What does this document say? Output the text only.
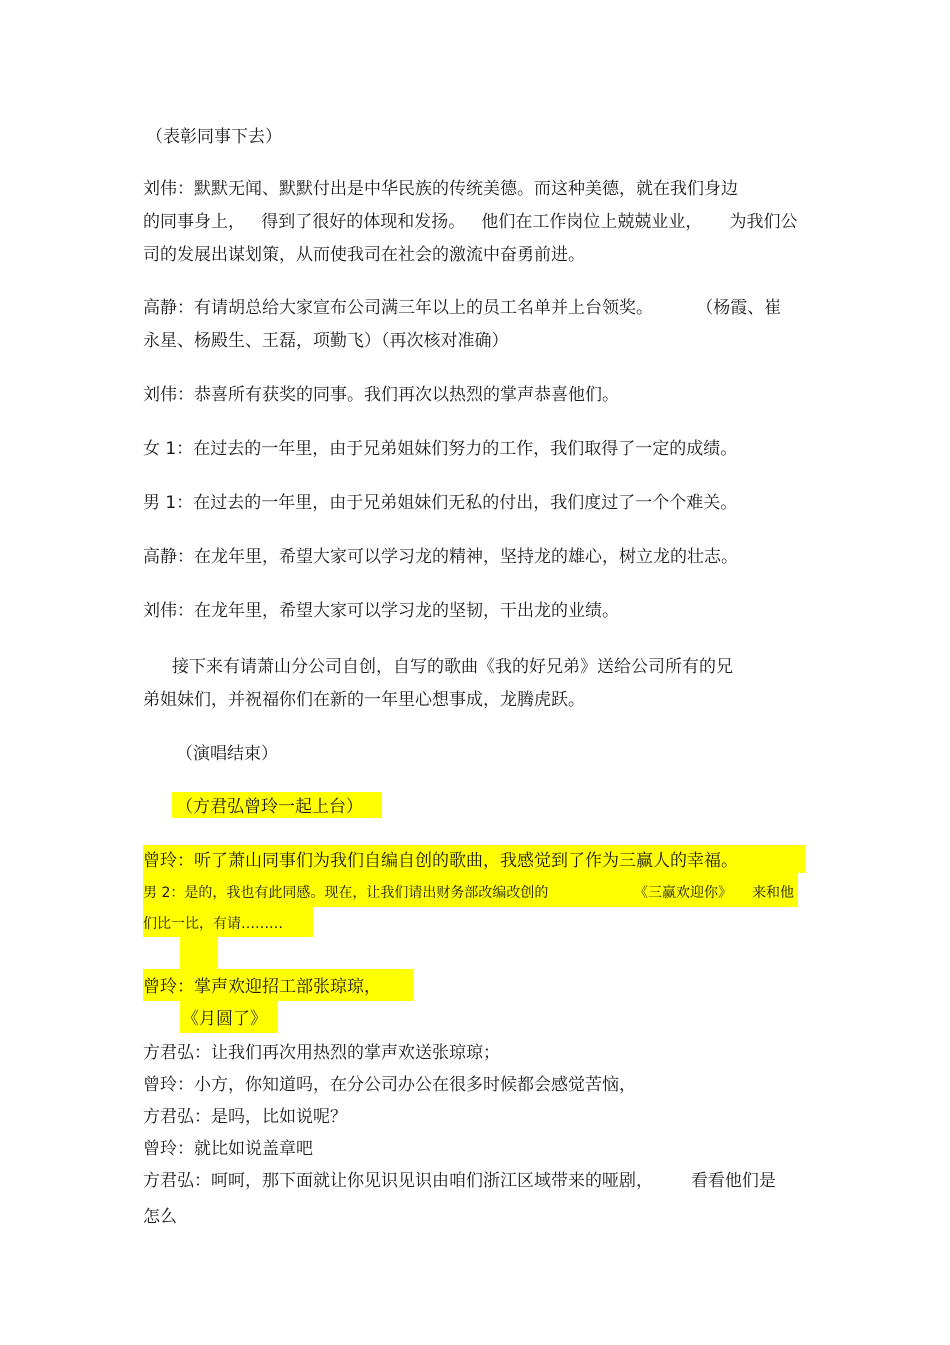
（表彰同事下去）
刘伟：默默无闻、默默付出是中华民族的传统美德。而这种美德，就在我们身边
的同事身上，   得到了很好的体现和发扬。   他们在工作岗位上兢兢业业，     为我们公
司的发展出谋划策，从而使我司在社会的激流中奋勇前进。
高静：有请胡总给大家宣布公司满三年以上的员工名单并上台领奖。        （杨霞、崔
永星、杨殿生、王磊，项勤飞）（再次核对准确）
刘伟：恭喜所有获奖的同事。我们再次以热烈的掌声恭喜他们。
女 1：在过去的一年里，由于兄弟姐妹们努力的工作，我们取得了一定的成绩。
男 1：在过去的一年里，由于兄弟姐妹们无私的付出，我们度过了一个个难关。
高静：在龙年里，希望大家可以学习龙的精神，坚持龙的雄心，树立龙的壮志。
刘伟：在龙年里，希望大家可以学习龙的坚韧，干出龙的业绩。
接下来有请萧山分公司自创，自写的歌曲《我的好兄弟》送给公司所有的兄
弟姐妹们，并祝福你们在新的一年里心想事成，龙腾虎跃。
（演唱结束）
（方君弘曾玲一起上台）
曾玲：听了萧山同事们为我们自编自创的歌曲，我感觉到了作为三赢人的幸福。
男 2：是的，我也有此同感。现在，让我们请出财务部改编改创的	《三赢欢迎你》 来和他
们比一比，有请………
曾玲：掌声欢迎招工部张琼琼，
《月圆了》
方君弘：让我们再次用热烈的掌声欢送张琼琼；
曾玲：小方，你知道吗，在分公司办公在很多时候都会感觉苦恼，
方君弘：是吗，比如说呢？
曾玲：就比如说盖章吧
方君弘：呵呵，那下面就让你见识见识由咱们浙江区域带来的哑剧，       看看他们是
怎么
